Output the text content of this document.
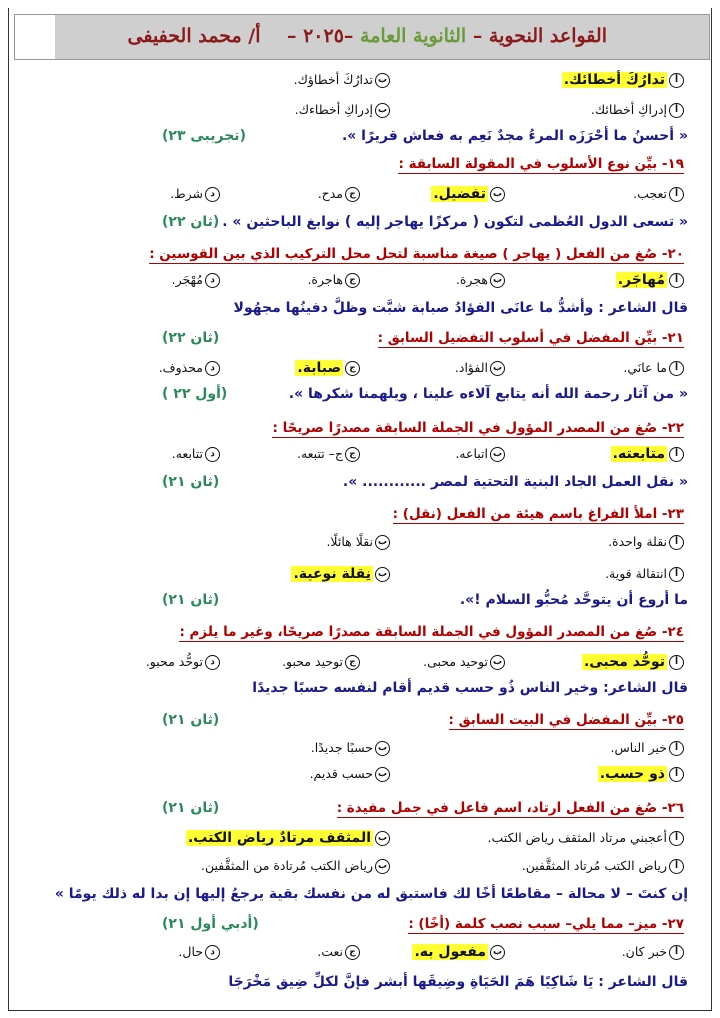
القواعد النحوية – الثانوية العامة –٢٠٢٥ –    أ/ محمد الحفيفى
أتدارُكَ أخطائك.
بتدارُكَ أخطاؤك.
أإدراكِ أخطائك.
بإدراكِ أخطاءك.
« أحسنُ ما أحْرَزَه المرءُ مجدٌ نَعِم به فعاش قريرًا ».
(تجريبى ٢٣)
١٩- بيِّن نوع الأسلوب في المقولة السابقة :
أتعجب.
بتفضيل.
جمدح.
دشرط.
« تسعى الدول العُظمى لتكون ( مركزًا يهاجر إليه ) نوابغ الباحثين » .
(ثان ٢٢)
٢٠- صُغ من الفعل ( يهاجر ) صيغة مناسبة لتحل محل التركيب الذي بين القوسين :
أمُهاجَر.
بهجرة.
جهاجرة.
دمُهْجَر.
قال الشاعر : وأشدُّ ما عانَى الفؤادُ صبابة شبَّت وظلَّ دفينُها مجهُولا
٢١- بيِّن المفضل في أسلوب التفضيل السابق :
(ثان ٢٢)
أما عانَي.
بالفؤاد.
جصبابة.
دمحذوف.
« من آثار رحمة الله أنه يتابع آلاءه علينا ، ويلهمنا شكرها ».
( أول ٢٢)
٢٢- صُغ من المصدر المؤول في الجملة السابقة مصدرًا صريحًا :
أمتابعته.
باتباعه.
جج– تتبعه.
دتتابعه.
« نقل العمل الجاد البنية التحتية لمصر ............ ».
(ثان ٢١)
٢٣- املأ الفراغ باسم هيئة من الفعل (نقل) :
أنقلة واحدة.
بنقلًا هائلًا.
أانتقالة قوية.
بنِقلة نوعية.
ما أروع أن يتوحَّد مُحبُّو السلام !».
(ثان ٢١)
٢٤- صُغ من المصدر المؤول في الجملة السابقة مصدرًا صريحًا، وغير ما يلزم :
أتوحُّد محبى.
بتوحيد محبى.
جتوحيد محبو.
دتوحُّد محبو.
قال الشاعر: وخير الناس ذُو حسب قديم أقام لنفسه حسبًا جديدًا
٢٥- بيِّن المفضل في البيت السابق :
(ثان ٢١)
أخير الناس.
بحسبًا جديدًا.
أذو حسب.
بحسب قديم.
٢٦- صُغ من الفعل ارتاد، اسم فاعل في جمل مفيدة :
(ثان ٢١)
أأعجبني مرتاد المثقف رياض الكتب.
بالمثقف مرتادٌ رياض الكتب.
أرياض الكتب مُرتاد المثقَّفين.
برياض الكتب مُرتادة من المثقَّفين.
إن كنتَ – لا محالة – مقاطعًا أخًا لك فاستبق له من نفسك بقية يرجعُ إليها إن بدا له ذلك يومًا »
٢٧- ميز– مما يلي– سبب نصب كلمة (أخًا) :
(أدبي أول ٢١)
أخبر كان.
بمفعول به.
جنعت.
دحال.
قال الشاعر : يَا شَاكِيًا هَمَ الحَيَاةِ وضِيقَها أبشر فإنَّ لكلِّ ضِيق مَخْرَجَا
